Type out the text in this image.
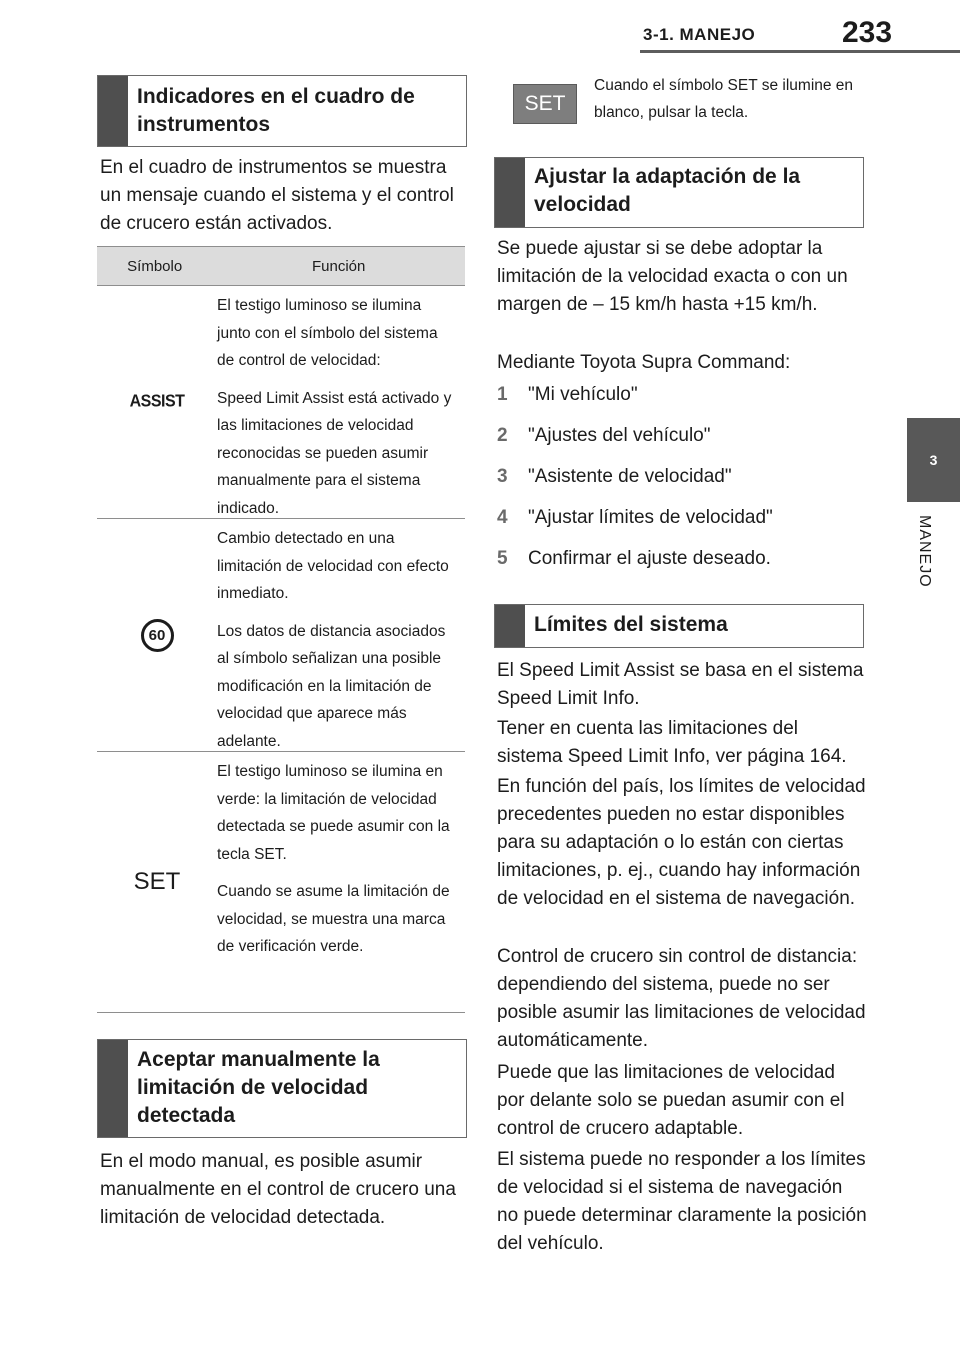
3-1. MANEJO	233
3
MANEJO
Indicadores en el cuadro de instrumentos

En el cuadro de instrumentos se muestra un mensaje cuando el sistema y el control de crucero están activados.

Símbolo	Función
ASSIST

El testigo luminoso se ilumina junto con el símbolo del sistema de control de velocidad:

Speed Limit Assist está activado y las limitaciones de velocidad reconocidas se pueden asumir manualmente para el sistema indicado.

60

Cambio detectado en una limitación de velocidad con efecto inmediato.

Los datos de distancia asociados al símbolo señalizan una posible modificación en la limitación de velocidad que aparece más adelante.

SET

El testigo luminoso se ilumina en verde: la limitación de velocidad detectada se puede asumir con la tecla SET.

Cuando se asume la limitación de velocidad, se muestra una marca de verificación verde.

Aceptar manualmente la limitación de velocidad detectada

En el modo manual, es posible asumir manualmente en el control de crucero una limitación de velocidad detectada.

SET

Cuando el símbolo SET se ilumine en blanco, pulsar la tecla.

Ajustar la adaptación de la velocidad

Se puede ajustar si se debe adoptar la limitación de la velocidad exacta o con un margen de – 15 km/h hasta +15 km/h.

Mediante Toyota Supra Command:

1 "Mi vehículo"
2 "Ajustes del vehículo"
3 "Asistente de velocidad"
4 "Ajustar límites de velocidad"
5 Confirmar el ajuste deseado.
Límites del sistema

El Speed Limit Assist se basa en el sistema Speed Limit Info.

Tener en cuenta las limitaciones del sistema Speed Limit Info, ver página 164.

En función del país, los límites de velocidad precedentes pueden no estar disponibles para su adaptación o lo están con ciertas limitaciones, p. ej., cuando hay información de velocidad en el sistema de navegación.

Control de crucero sin control de distancia: dependiendo del sistema, puede no ser posible asumir las limitaciones de velocidad automáticamente.

Puede que las limitaciones de velocidad por delante solo se puedan asumir con el control de crucero adaptable.

El sistema puede no responder a los límites de velocidad si el sistema de navegación no puede determinar claramente la posición del vehículo.
